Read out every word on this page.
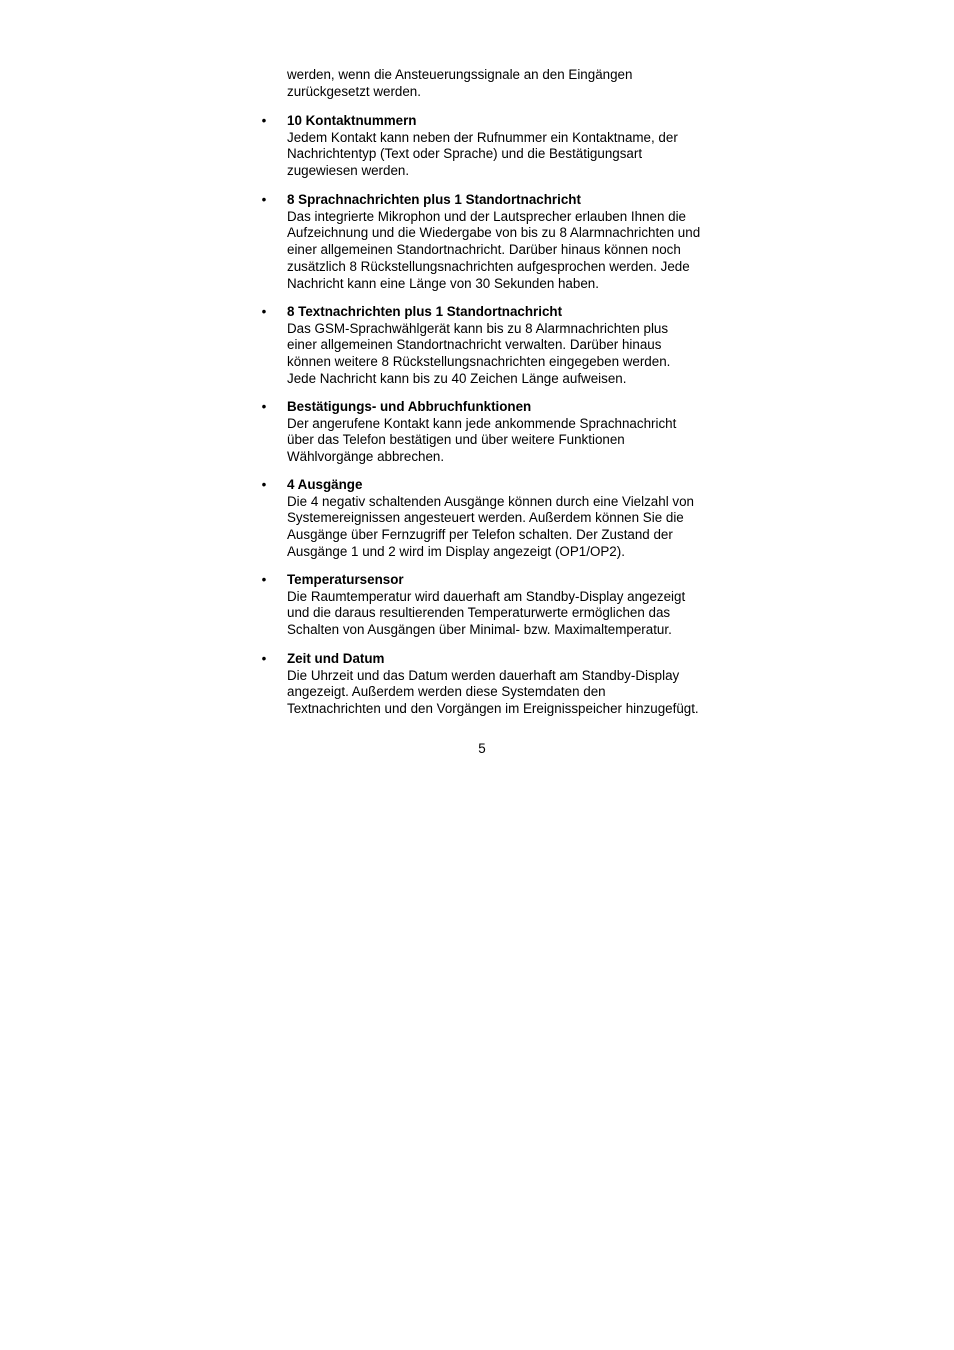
werden, wenn die Ansteuerungssignale an den Eingängen
zurückgesetzt werden.
• 10 Kontaktnummern
Jedem Kontakt kann neben der Rufnummer ein Kontaktname, der
Nachrichtentyp (Text oder Sprache) und die Bestätigungsart
zugewiesen werden.
• 8 Sprachnachrichten plus 1 Standortnachricht
Das integrierte Mikrophon und der Lautsprecher erlauben Ihnen die
Aufzeichnung und die Wiedergabe von bis zu 8 Alarmnachrichten und
einer allgemeinen Standortnachricht. Darüber hinaus können noch
zusätzlich 8 Rückstellungsnachrichten aufgesprochen werden. Jede
Nachricht kann eine Länge von 30 Sekunden haben.
• 8 Textnachrichten plus 1 Standortnachricht
Das GSM-Sprachwählgerät kann bis zu 8 Alarmnachrichten plus
einer allgemeinen Standortnachricht verwalten. Darüber hinaus
können weitere 8 Rückstellungsnachrichten eingegeben werden.
Jede Nachricht kann bis zu 40 Zeichen Länge aufweisen.
• Bestätigungs- und Abbruchfunktionen
Der angerufene Kontakt kann jede ankommende Sprachnachricht
über das Telefon bestätigen und über weitere Funktionen
Wählvorgänge abbrechen.
• 4 Ausgänge
Die 4 negativ schaltenden Ausgänge können durch eine Vielzahl von
Systemereignissen angesteuert werden. Außerdem können Sie die
Ausgänge über Fernzugriff per Telefon schalten. Der Zustand der
Ausgänge 1 und 2 wird im Display angezeigt (OP1/OP2).
• Temperatursensor
Die Raumtemperatur wird dauerhaft am Standby-Display angezeigt
und die daraus resultierenden Temperaturwerte ermöglichen das
Schalten von Ausgängen über Minimal- bzw. Maximaltemperatur.
• Zeit und Datum
Die Uhrzeit und das Datum werden dauerhaft am Standby-Display
angezeigt. Außerdem werden diese Systemdaten den
Textnachrichten und den Vorgängen im Ereignisspeicher hinzugefügt.
5
